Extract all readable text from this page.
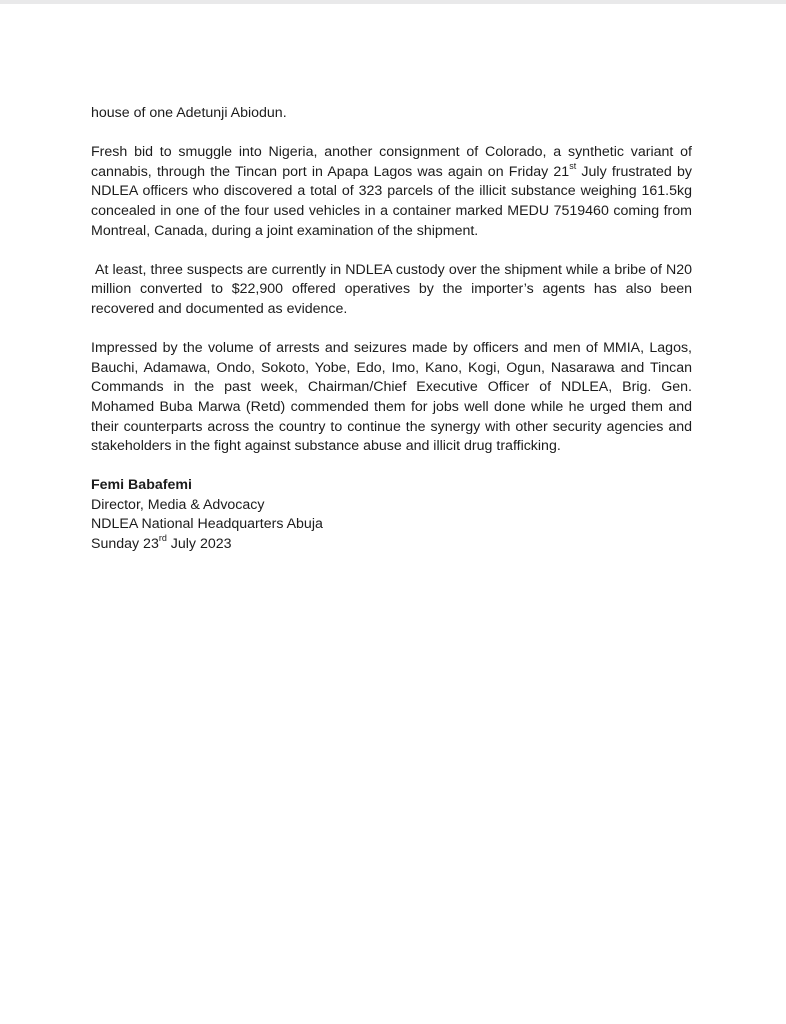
house of one Adetunji Abiodun.

Fresh bid to smuggle into Nigeria, another consignment of Colorado, a synthetic variant of cannabis, through the Tincan port in Apapa Lagos was again on Friday 21st July frustrated by NDLEA officers who discovered a total of 323 parcels of the illicit substance weighing 161.5kg concealed in one of the four used vehicles in a container marked MEDU 7519460 coming from Montreal, Canada, during a joint examination of the shipment.

At least, three suspects are currently in NDLEA custody over the shipment while a bribe of N20 million converted to $22,900 offered operatives by the importer’s agents has also been recovered and documented as evidence.

Impressed by the volume of arrests and seizures made by officers and men of MMIA, Lagos, Bauchi, Adamawa, Ondo, Sokoto, Yobe, Edo, Imo, Kano, Kogi, Ogun, Nasarawa and Tincan Commands in the past week, Chairman/Chief Executive Officer of NDLEA, Brig. Gen. Mohamed Buba Marwa (Retd) commended them for jobs well done while he urged them and their counterparts across the country to continue the synergy with other security agencies and stakeholders in the fight against substance abuse and illicit drug trafficking.

Femi Babafemi
Director, Media & Advocacy
NDLEA National Headquarters Abuja
Sunday 23rd July 2023
